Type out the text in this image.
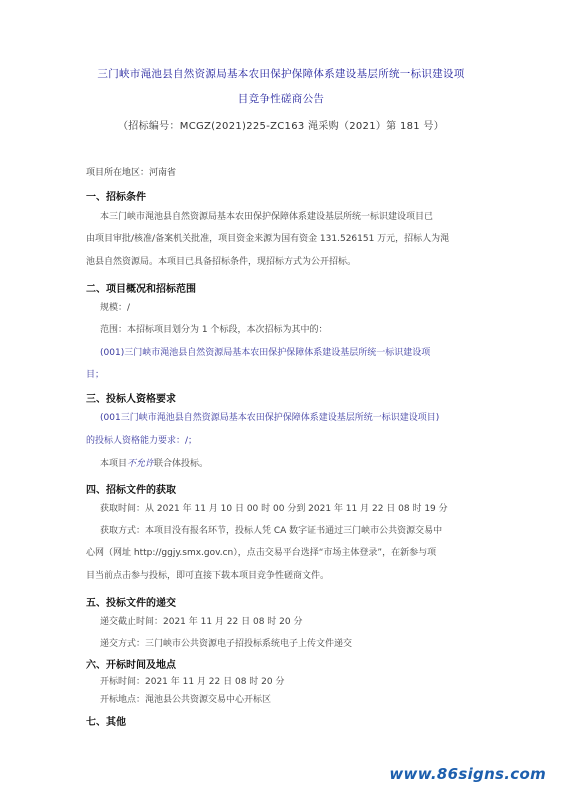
三门峡市渑池县自然资源局基本农田保护保障体系建设基层所统一标识建设项
目竞争性磋商公告
（招标编号：MCGZ(2021)225-ZC163 渑采购（2021）第 181 号）
项目所在地区：河南省
一、招标条件
本三门峡市渑池县自然资源局基本农田保护保障体系建设基层所统一标识建设项目已
由项目审批/核准/备案机关批准，项目资金来源为国有资金 131.526151 万元，招标人为渑
池县自然资源局。本项目已具备招标条件，现招标方式为公开招标。
二、项目概况和招标范围
规模：/
范围：本招标项目划分为 1 个标段，本次招标为其中的：
(001)三门峡市渑池县自然资源局基本农田保护保障体系建设基层所统一标识建设项
目；
三、投标人资格要求
(001三门峡市渑池县自然资源局基本农田保护保障体系建设基层所统一标识建设项目)
的投标人资格能力要求：/；
本项目不允许联合体投标。
四、招标文件的获取
获取时间：从 2021 年 11 月 10 日 00 时 00 分到 2021 年 11 月 22 日 08 时 19 分
获取方式：本项目没有报名环节，投标人凭 CA 数字证书通过三门峡市公共资源交易中
心网（网址 http://ggjy.smx.gov.cn），点击交易平台选择“市场主体登录”，在新参与项
目当前点击参与投标，即可直接下载本项目竞争性磋商文件。
五、投标文件的递交
递交截止时间：2021 年 11 月 22 日 08 时 20 分
递交方式：三门峡市公共资源电子招投标系统电子上传文件递交
六、开标时间及地点
开标时间：2021 年 11 月 22 日 08 时 20 分
开标地点：渑池县公共资源交易中心开标区
七、其他
www.86signs.com
